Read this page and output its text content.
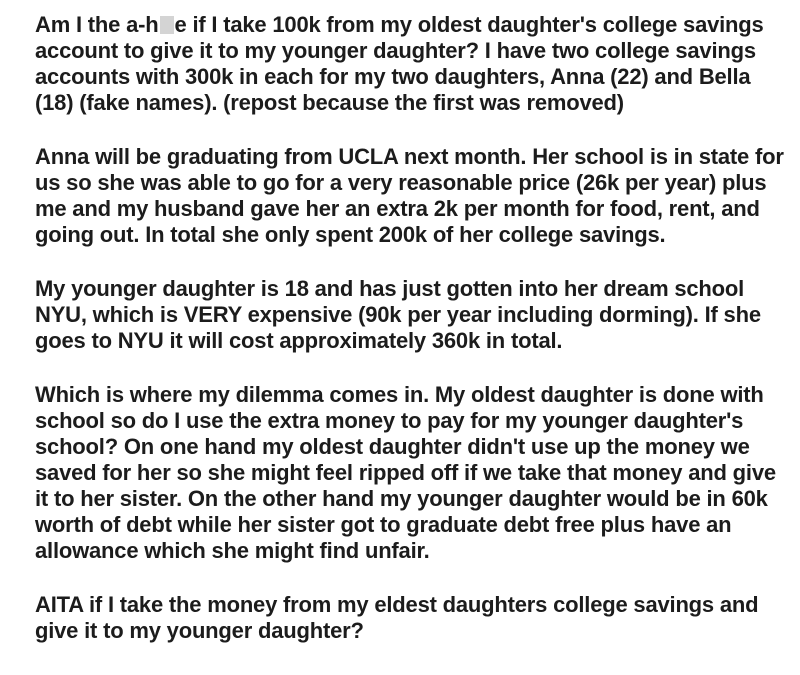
Am I the a-h e if I take 100k from my oldest daughter's college savings account to give it to my younger daughter? I have two college savings accounts with 300k in each for my two daughters, Anna (22) and Bella (18) (fake names). (repost because the first was removed)

Anna will be graduating from UCLA next month. Her school is in state for us so she was able to go for a very reasonable price (26k per year) plus me and my husband gave her an extra 2k per month for food, rent, and going out. In total she only spent 200k of her college savings.

My younger daughter is 18 and has just gotten into her dream school NYU, which is VERY expensive (90k per year including dorming). If she goes to NYU it will cost approximately 360k in total.

Which is where my dilemma comes in. My oldest daughter is done with school so do I use the extra money to pay for my younger daughter's school? On one hand my oldest daughter didn't use up the money we saved for her so she might feel ripped off if we take that money and give it to her sister. On the other hand my younger daughter would be in 60k worth of debt while her sister got to graduate debt free plus have an allowance which she might find unfair.

AITA if I take the money from my eldest daughters college savings and give it to my younger daughter?
